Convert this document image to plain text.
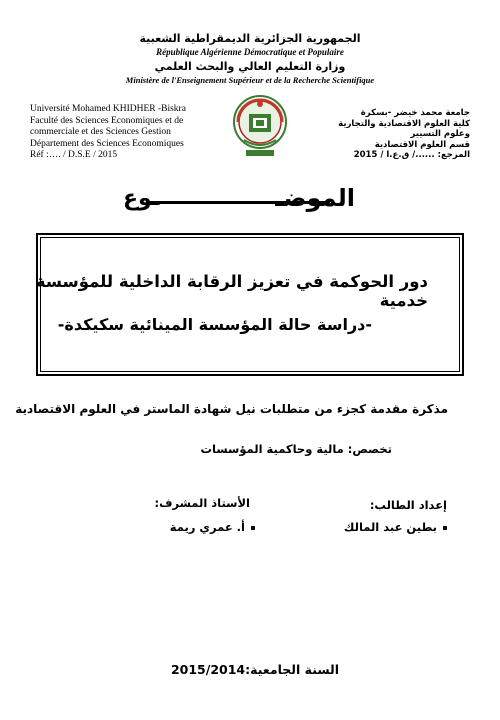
الجمهورية الجزائرية الديمقراطية الشعبية
République Algérienne Démocratique et Populaire
وزارة التعليم العالي والبحث العلمي
Ministère de l'Enseignement Supérieur et de la Recherche Scientifique
Université Mohamed KHIDHER -Biskra
Faculté des Sciences Economiques et de
commerciale et des Sciences Gestion
Département des Sciences Economiques
Réf :…. / D.S.E / 2015
جامعة محمد خيضر -بسكرة
كلية العلوم الاقتصادية والتجارية
وعلوم التسيير
قسم العلوم الاقتصادية
المرجع: ....../ ق.ع.ا / 2015
الموضـ
ـوع
دور الحوكمة في تعزيز الرقابة الداخلية للمؤسسة خدمية
-دراسة حالة المؤسسة المينائية سكيكدة-
مذكرة مقدمة كجزء من متطلبات نيل شهادة الماستر في العلوم الاقتصادية
تخصص: مالية وحاكمية المؤسسات
إعداد الطالب:
بطين عبد المالك
الأستاذ المشرف:
أ. عمري ريمة
السنة الجامعية:2015/2014
